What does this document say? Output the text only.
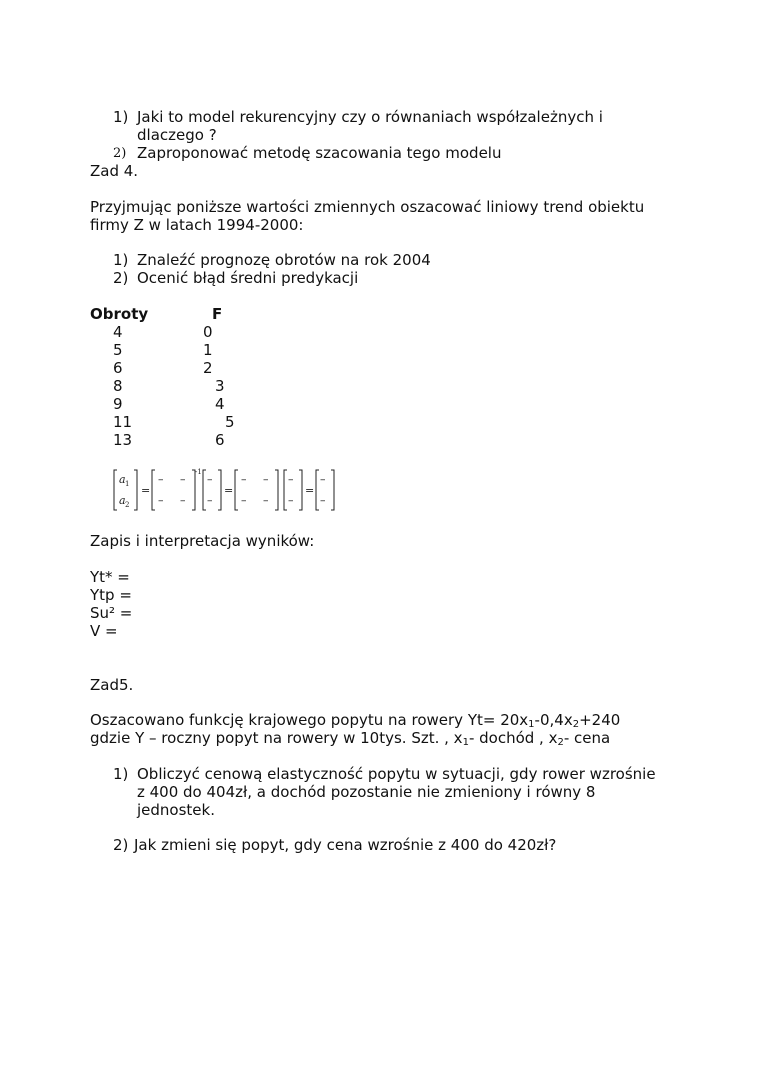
1) Jaki to model rekurencyjny czy o równaniach współzależnych i
dlaczego ?
2) Zaproponować metodę szacowania tego modelu
Zad 4.
Przyjmując poniższe wartości zmiennych oszacować liniowy trend obiektu
firmy Z w latach 1994-2000:
1) Znaleźć prognozę obrotów na rok 2004
2) Ocenić błąd średni predykacji
Obroty	F
4	0
5	1
6	2
8	3
9	4
11	5
13	6
a 1
a 2
=
– –
– –
-1
–
–
=
– –
– –
–
–
=
–
–
Zapis i interpretacja wyników:
Yt* =
Ytp =
Su² =
V =
Zad5.
Oszacowano funkcję krajowego popytu na rowery $Yt= 20x_1-0,4x_2+240$
gdzie Y – roczny popyt na rowery w 10tys. Szt. , $x_1-$ dochód , $x_2-$ cena
1) Obliczyć cenową elastyczność popytu w sytuacji, gdy rower wzrośnie
z 400 do 404zł, a dochód pozostanie nie zmieniony i równy 8
jednostek.
2) Jak zmieni się popyt, gdy cena wzrośnie z 400 do 420zł?
